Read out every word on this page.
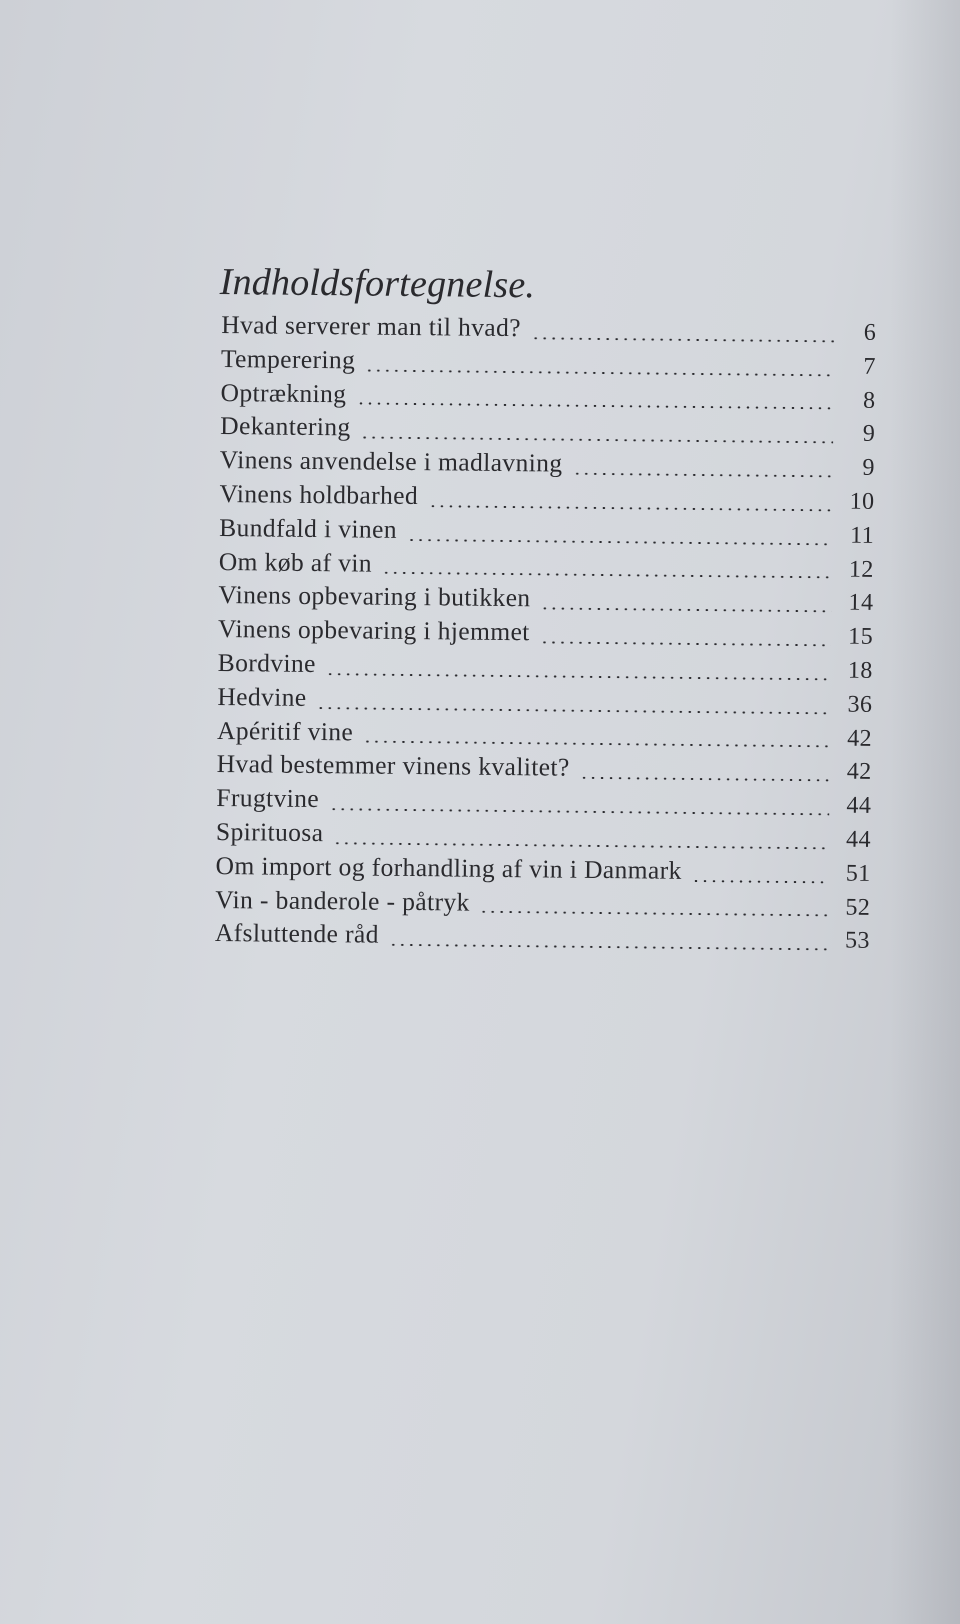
Indholdsfortegnelse.
Hvad serverer man til hvad?	6
Temperering	7
Optrækning	8
Dekantering	9
Vinens anvendelse i madlavning	9
Vinens holdbarhed	10
Bundfald i vinen	11
Om køb af vin	12
Vinens opbevaring i butikken	14
Vinens opbevaring i hjemmet	15
Bordvine	18
Hedvine	36
Apéritif vine	42
Hvad bestemmer vinens kvalitet?	42
Frugtvine	44
Spirituosa	44
Om import og forhandling af vin i Danmark	51
Vin - banderole - påtryk	52
Afsluttende råd	53
